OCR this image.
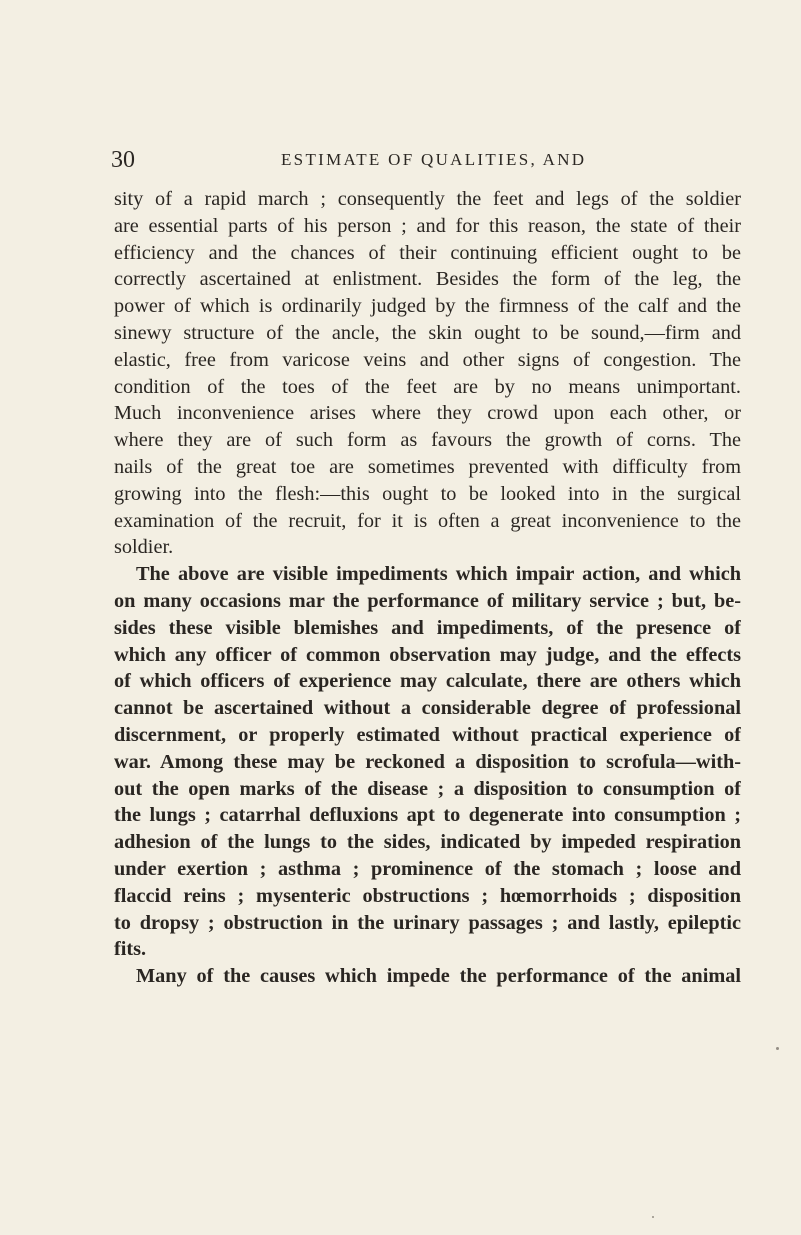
30	ESTIMATE OF QUALITIES, AND
sity of a rapid march ; consequently the feet and legs of the soldier
are essential parts of his person ; and for this reason, the state of their
efficiency and the chances of their continuing efficient ought to be
correctly ascertained at enlistment. Besides the form of the leg, the
power of which is ordinarily judged by the firmness of the calf and the
sinewy structure of the ancle, the skin ought to be sound,—firm and
elastic, free from varicose veins and other signs of congestion. The
condition of the toes of the feet are by no means unimportant.
Much inconvenience arises where they crowd upon each other, or
where they are of such form as favours the growth of corns. The
nails of the great toe are sometimes prevented with difficulty from
growing into the flesh:—this ought to be looked into in the surgical
examination of the recruit, for it is often a great inconvenience to the
soldier.
The above are visible impediments which impair action, and which
on many occasions mar the performance of military service ; but, be-
sides these visible blemishes and impediments, of the presence of
which any officer of common observation may judge, and the effects
of which officers of experience may calculate, there are others which
cannot be ascertained without a considerable degree of professional
discernment, or properly estimated without practical experience of
war. Among these may be reckoned a disposition to scrofula—with-
out the open marks of the disease ; a disposition to consumption of
the lungs ; catarrhal defluxions apt to degenerate into consumption ;
adhesion of the lungs to the sides, indicated by impeded respiration
under exertion ; asthma ; prominence of the stomach ; loose and
flaccid reins ; mysenteric obstructions ; hœmorrhoids ; disposition
to dropsy ; obstruction in the urinary passages ; and lastly, epileptic
fits.
Many of the causes which impede the performance of the animal
